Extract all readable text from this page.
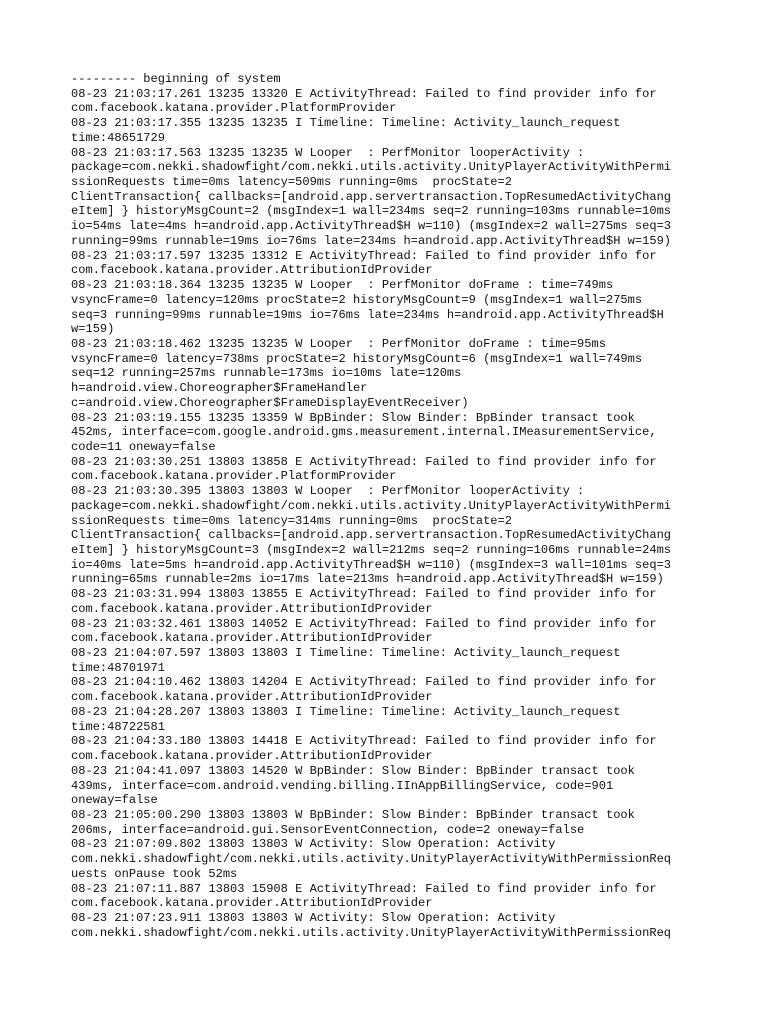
--------- beginning of system
08-23 21:03:17.261 13235 13320 E ActivityThread: Failed to find provider info for
com.facebook.katana.provider.PlatformProvider
08-23 21:03:17.355 13235 13235 I Timeline: Timeline: Activity_launch_request
time:48651729
08-23 21:03:17.563 13235 13235 W Looper  : PerfMonitor looperActivity :
package=com.nekki.shadowfight/com.nekki.utils.activity.UnityPlayerActivityWithPermi
ssionRequests time=0ms latency=509ms running=0ms  procState=2
ClientTransaction{ callbacks=[android.app.servertransaction.TopResumedActivityChang
eItem] } historyMsgCount=2 (msgIndex=1 wall=234ms seq=2 running=103ms runnable=10ms
io=54ms late=4ms h=android.app.ActivityThread$H w=110) (msgIndex=2 wall=275ms seq=3
running=99ms runnable=19ms io=76ms late=234ms h=android.app.ActivityThread$H w=159)
08-23 21:03:17.597 13235 13312 E ActivityThread: Failed to find provider info for
com.facebook.katana.provider.AttributionIdProvider
08-23 21:03:18.364 13235 13235 W Looper  : PerfMonitor doFrame : time=749ms
vsyncFrame=0 latency=120ms procState=2 historyMsgCount=9 (msgIndex=1 wall=275ms
seq=3 running=99ms runnable=19ms io=76ms late=234ms h=android.app.ActivityThread$H
w=159)
08-23 21:03:18.462 13235 13235 W Looper  : PerfMonitor doFrame : time=95ms
vsyncFrame=0 latency=738ms procState=2 historyMsgCount=6 (msgIndex=1 wall=749ms
seq=12 running=257ms runnable=173ms io=10ms late=120ms
h=android.view.Choreographer$FrameHandler
c=android.view.Choreographer$FrameDisplayEventReceiver)
08-23 21:03:19.155 13235 13359 W BpBinder: Slow Binder: BpBinder transact took
452ms, interface=com.google.android.gms.measurement.internal.IMeasurementService,
code=11 oneway=false
08-23 21:03:30.251 13803 13858 E ActivityThread: Failed to find provider info for
com.facebook.katana.provider.PlatformProvider
08-23 21:03:30.395 13803 13803 W Looper  : PerfMonitor looperActivity :
package=com.nekki.shadowfight/com.nekki.utils.activity.UnityPlayerActivityWithPermi
ssionRequests time=0ms latency=314ms running=0ms  procState=2
ClientTransaction{ callbacks=[android.app.servertransaction.TopResumedActivityChang
eItem] } historyMsgCount=3 (msgIndex=2 wall=212ms seq=2 running=106ms runnable=24ms
io=40ms late=5ms h=android.app.ActivityThread$H w=110) (msgIndex=3 wall=101ms seq=3
running=65ms runnable=2ms io=17ms late=213ms h=android.app.ActivityThread$H w=159)
08-23 21:03:31.994 13803 13855 E ActivityThread: Failed to find provider info for
com.facebook.katana.provider.AttributionIdProvider
08-23 21:03:32.461 13803 14052 E ActivityThread: Failed to find provider info for
com.facebook.katana.provider.AttributionIdProvider
08-23 21:04:07.597 13803 13803 I Timeline: Timeline: Activity_launch_request
time:48701971
08-23 21:04:10.462 13803 14204 E ActivityThread: Failed to find provider info for
com.facebook.katana.provider.AttributionIdProvider
08-23 21:04:28.207 13803 13803 I Timeline: Timeline: Activity_launch_request
time:48722581
08-23 21:04:33.180 13803 14418 E ActivityThread: Failed to find provider info for
com.facebook.katana.provider.AttributionIdProvider
08-23 21:04:41.097 13803 14520 W BpBinder: Slow Binder: BpBinder transact took
439ms, interface=com.android.vending.billing.IInAppBillingService, code=901
oneway=false
08-23 21:05:00.290 13803 13803 W BpBinder: Slow Binder: BpBinder transact took
206ms, interface=android.gui.SensorEventConnection, code=2 oneway=false
08-23 21:07:09.802 13803 13803 W Activity: Slow Operation: Activity
com.nekki.shadowfight/com.nekki.utils.activity.UnityPlayerActivityWithPermissionReq
uests onPause took 52ms
08-23 21:07:11.887 13803 15908 E ActivityThread: Failed to find provider info for
com.facebook.katana.provider.AttributionIdProvider
08-23 21:07:23.911 13803 13803 W Activity: Slow Operation: Activity
com.nekki.shadowfight/com.nekki.utils.activity.UnityPlayerActivityWithPermissionReq
